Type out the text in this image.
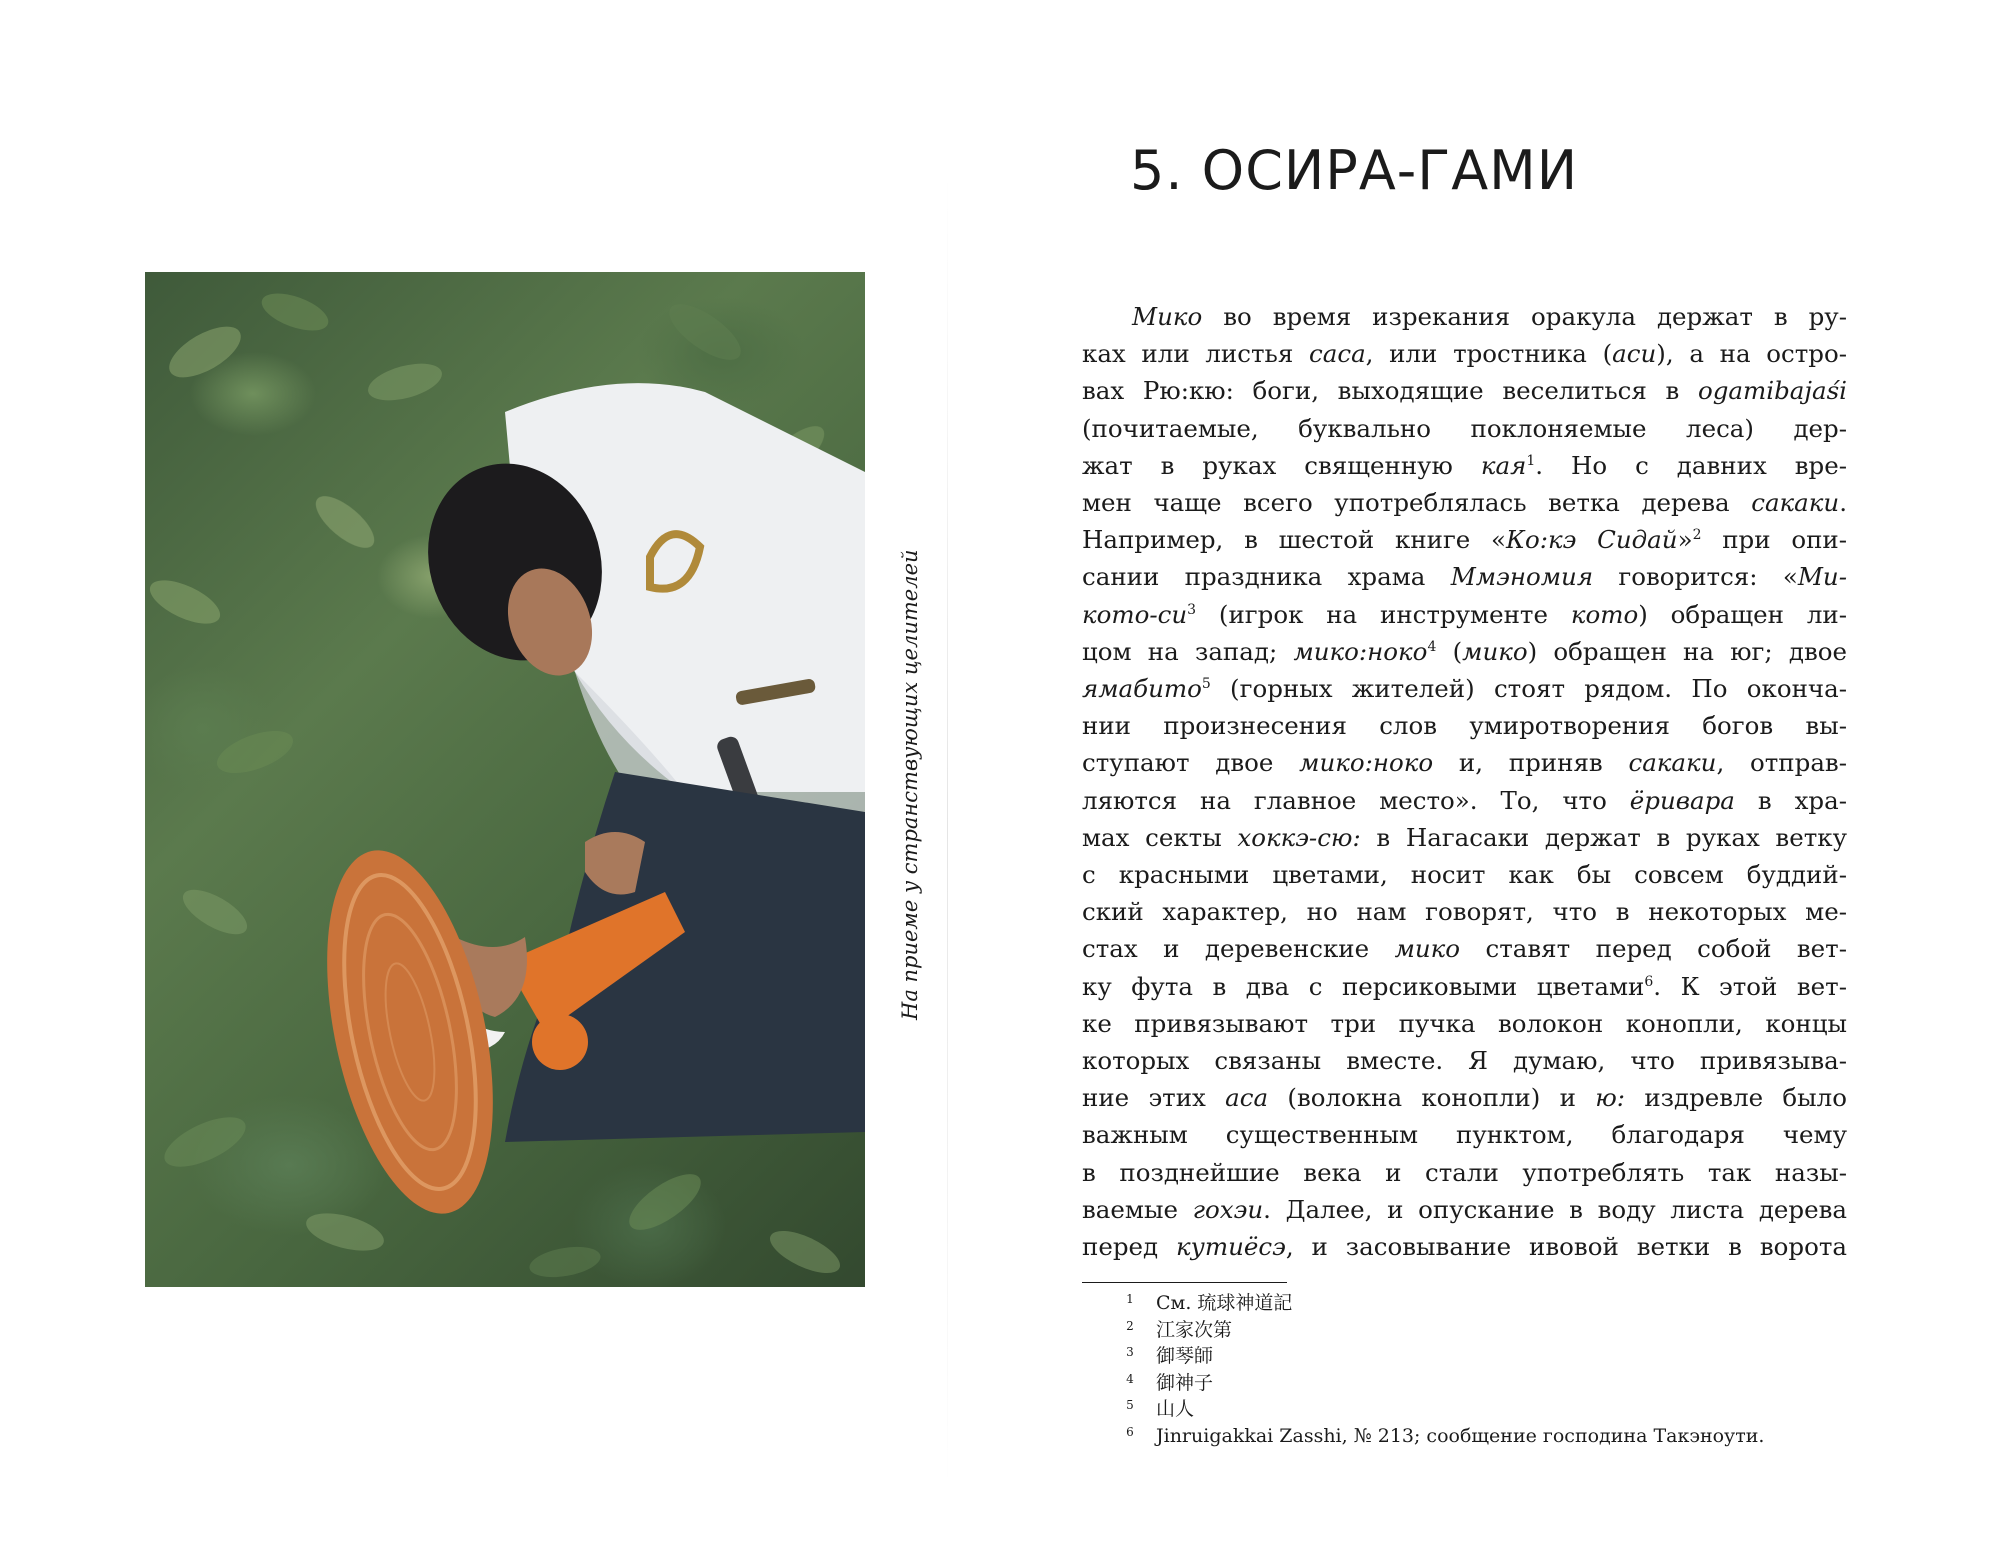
На приеме у странствующих целителей
5. ОСИРА-ГАМИ
Мико во время изрекания оракула держат в ру-
ках или листья саса, или тростника (аси), а на остро-
вах Рю:кю: боги, выходящие веселиться в ogamibajaśi
(почитаемые, буквально поклоняемые леса) дер-
жат в руках священную кая$^1$. Но с давних вре-
мен чаще всего употреблялась ветка дерева сакаки.
Например, в шестой книге «Ко:кэ Сидай»$^2$ при опи-
сании праздника храма Ммэномия говорится: «Ми-
кото-$си^3$ (игрок на инструменте кото) обращен ли-
цом на запад; мико:ноко$^4$ (мико) обращен на юг; двое
ямабито$^5$ (горных жителей) стоят рядом. По оконча-
нии произнесения слов умиротворения богов вы-
ступают двое мико:ноко и, приняв сакаки, отправ-
ляются на главное место». То, что ёривара в хра-
мах секты хоккэ-сю: в Нагасаки держат в руках ветку
с красными цветами, носит как бы совсем буддий-
ский характер, но нам говорят, что в некоторых ме-
стах и деревенские мико ставят перед собой вет-
ку фута в два с персиковыми цветами$^6$. К этой вет-
ке привязывают три пучка волокон конопли, концы
которых связаны вместе. Я думаю, что привязыва-
ние этих аса (волокна конопли) и ю: издревле было
важным существенным пунктом, благодаря чему
в позднейшие века и стали употреблять так назы-
ваемые гохэи. Далее, и опускание в воду листа дерева
перед кутиёсэ, и засовывание ивовой ветки в ворота
1	См. 琉球神道記
2	江家次第
3	御琴師
4	御神子
5	山人
6	Jinruigakkai Zasshi, № 213; сообщение господина Такэноути.
